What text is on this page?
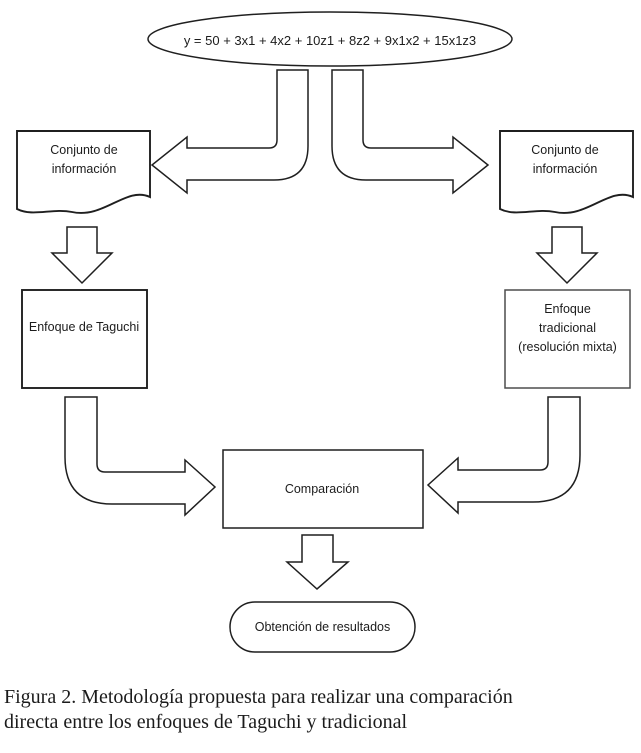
y = 50 + 3x1 + 4x2 + 10z1 + 8z2 + 9x1x2 + 15x1z3
Conjunto de información
Conjunto de información
Enfoque de Taguchi
Enfoque tradicional (resolución mixta)
Comparación
Obtención de resultados
Figura 2. Metodología propuesta para realizar una comparación
directa entre los enfoques de Taguchi y tradicional
